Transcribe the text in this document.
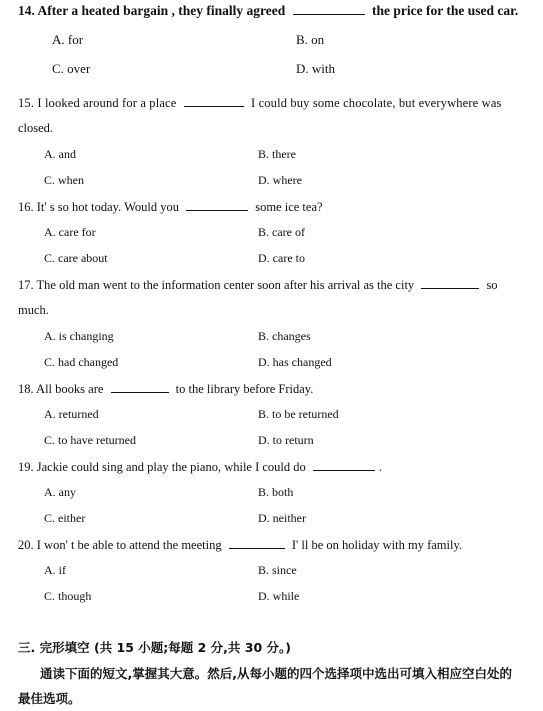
14. After a heated bargain , they finally agreed	the price for the used car.
A. for	B. on
C. over	D. with
15. I looked around for a place	I could buy some chocolate, but everywhere was
closed.
A. and	B. there
C. when	D. where
16. It' s so hot today. Would you	some ice tea?
A. care for	B. care of
C. care about	D. care to
17. The old man went to the information center soon after his arrival as the city	so
much.
A. is changing	B. changes
C. had changed	D. has changed
18. All books are	to the library before Friday.
A. returned	B. to be returned
C. to have returned	D. to return
19. Jackie could sing and play the piano, while I could do	.
A. any	B. both
C. either	D. neither
20. I won' t be able to attend the meeting	I' ll be on holiday with my family.
A. if	B. since
C. though	D. while
三. 完形填空 (共 15 小题;每题 2 分,共 30 分。)
通读下面的短文,掌握其大意。然后,从每小题的四个选择项中选出可填入相应空白处的
最佳选项。
